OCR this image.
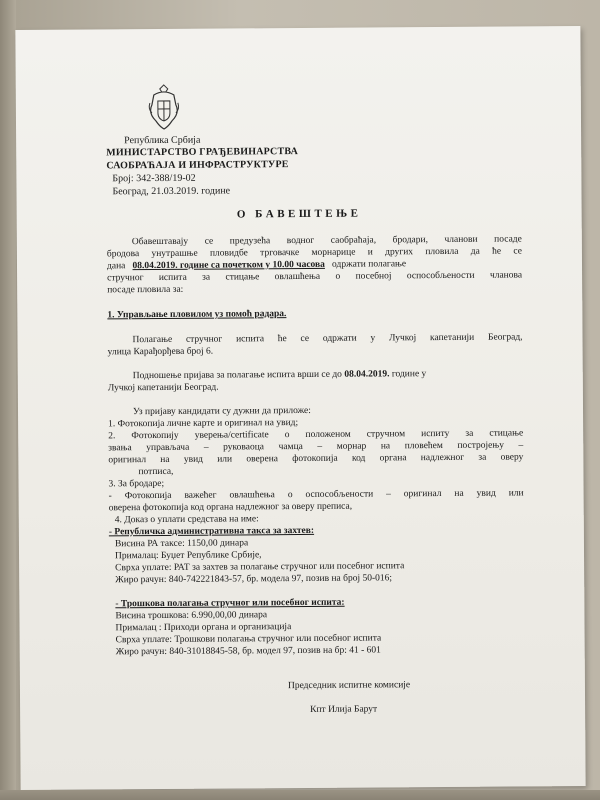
Република Србија
МИНИСТАРСТВО ГРАЂЕВИНАРСТВА
САОБРАЋАЈА И ИНФРАСТРУКТУРЕ
Број: 342-388/19-02
Београд, 21.03.2019. године
О БАВЕШТЕЊЕ
Обавештавају се предузећа водног саобраћаја, бродари, чланови посаде
бродова унутрашње пловидбе трговачке морнарице и других пловила да ће се
дана 08.04.2019. године са почетком у 10.00 часова одржати полагање
стручног испита за стицање овлашћења о посебној оспособљености чланова
посаде пловила за:
1. Управљање пловилом уз помоћ радара.
Полагање стручног испита ће се одржати у Лучкој капетанији Београд,
улица Карађорђева број 6.
Подношење пријава за полагање испита врши се до 08.04.2019. године у
Лучкој капетанији Београд.
Уз пријаву кандидати су дужни да приложе:
1. Фотокопија личне карте и оригинал на увид;
2. Фотокопију уверења/certificate о положеном стручном испиту за стицање
звања управљача – руковаоца чамца – морнар на пловећем постројењу –
оригинал на увид или оверена фотокопија код органа надлежног за оверу
потписа,
3. За бродаре;
- Фотокопија важећег овлашћења о оспособљености – оригинал на увид или
оверена фотокопија код органа надлежног за оверу преписа,
4. Доказ о уплати средстава на име:
- Републичка административна такса за захтев:
Висина РА таксе: 1150,00 динара
Прималац: Буџет Републике Србије,
Сврха уплате: РАТ за захтев за полагање стручног или посебног испита
Жиро рачун: 840-742221843-57, бр. модела 97, позив на број 50-016;
- Трошкова полагања стручног или посебног испита:
Висина трошкова: 6.990,00,00 динара
Прималац : Приходи органа и организација
Сврха уплате: Трошкови полагања стручног или посебног испита
Жиро рачун: 840-31018845-58, бр. модел 97, позив на бр: 41 - 601
Председник испитне комисије
Кпт Илија Барут
